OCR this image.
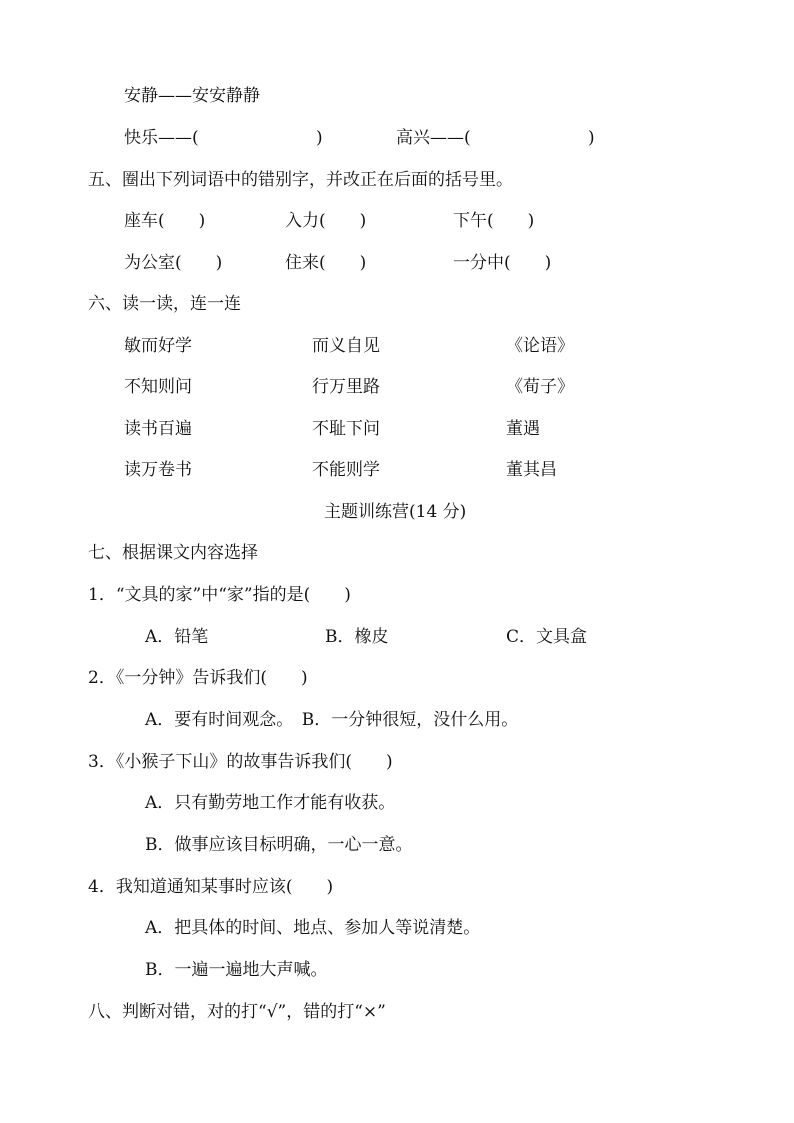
安静——安安静静
快乐——(	)	高兴——(	)
五、圈出下列词语中的错别字，并改正在后面的括号里。
座车(　　)	入力(　　)	下午(　　)
为公室(　　)	住来(　　)	一分中(　　)
六、读一读，连一连
敏而好学	而义自见	《论语》
不知则问	行万里路	《荀子》
读书百遍	不耻下问	董遇
读万卷书	不能则学	董其昌
主题训练营(14 分)
七、根据课文内容选择
1．“文具的家”中“家”指的是(　　)
A．铅笔	B．橡皮	C．文具盒
2．《一分钟》告诉我们(　　)
A．要有时间观念。　B．一分钟很短，没什么用。
3．《小猴子下山》的故事告诉我们(　　)
A．只有勤劳地工作才能有收获。
B．做事应该目标明确，一心一意。
4．我知道通知某事时应该(　　)
A．把具体的时间、地点、参加人等说清楚。
B．一遍一遍地大声喊。
八、判断对错，对的打“√”，错的打“×”
